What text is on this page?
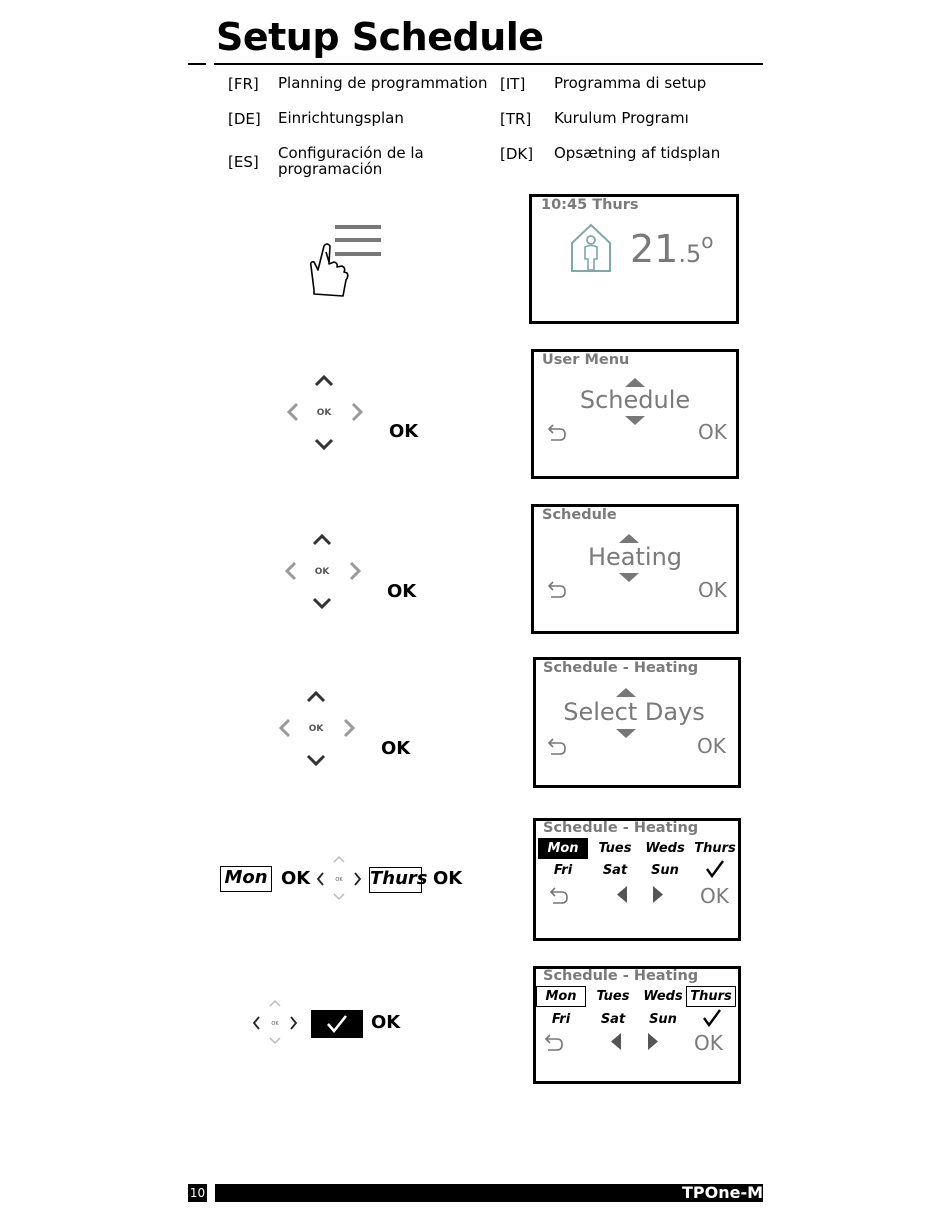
Setup Schedule
[FR] Planning de programmation
[DE] Einrichtungsplan
[ES] Configuración de la programación
[IT] Programma di setup
[TR] Kurulum Programı
[DK] Opsætning af tidsplan
10:45 Thurs
21.5$^o$
OK
OK
User Menu
Schedule
OK
OK
OK
Schedule
Heating
OK
OK
OK
Schedule - Heating
Select Days
OK
Mon OK	OK Thurs OK
Schedule - Heating
Mon	Tues	Weds Thurs
Fri	Sat	Sun
OK
OK	OK
Schedule - Heating
Mon	Tues	Weds Thurs
Fri	Sat	Sun
OK
10	TPOne-M
